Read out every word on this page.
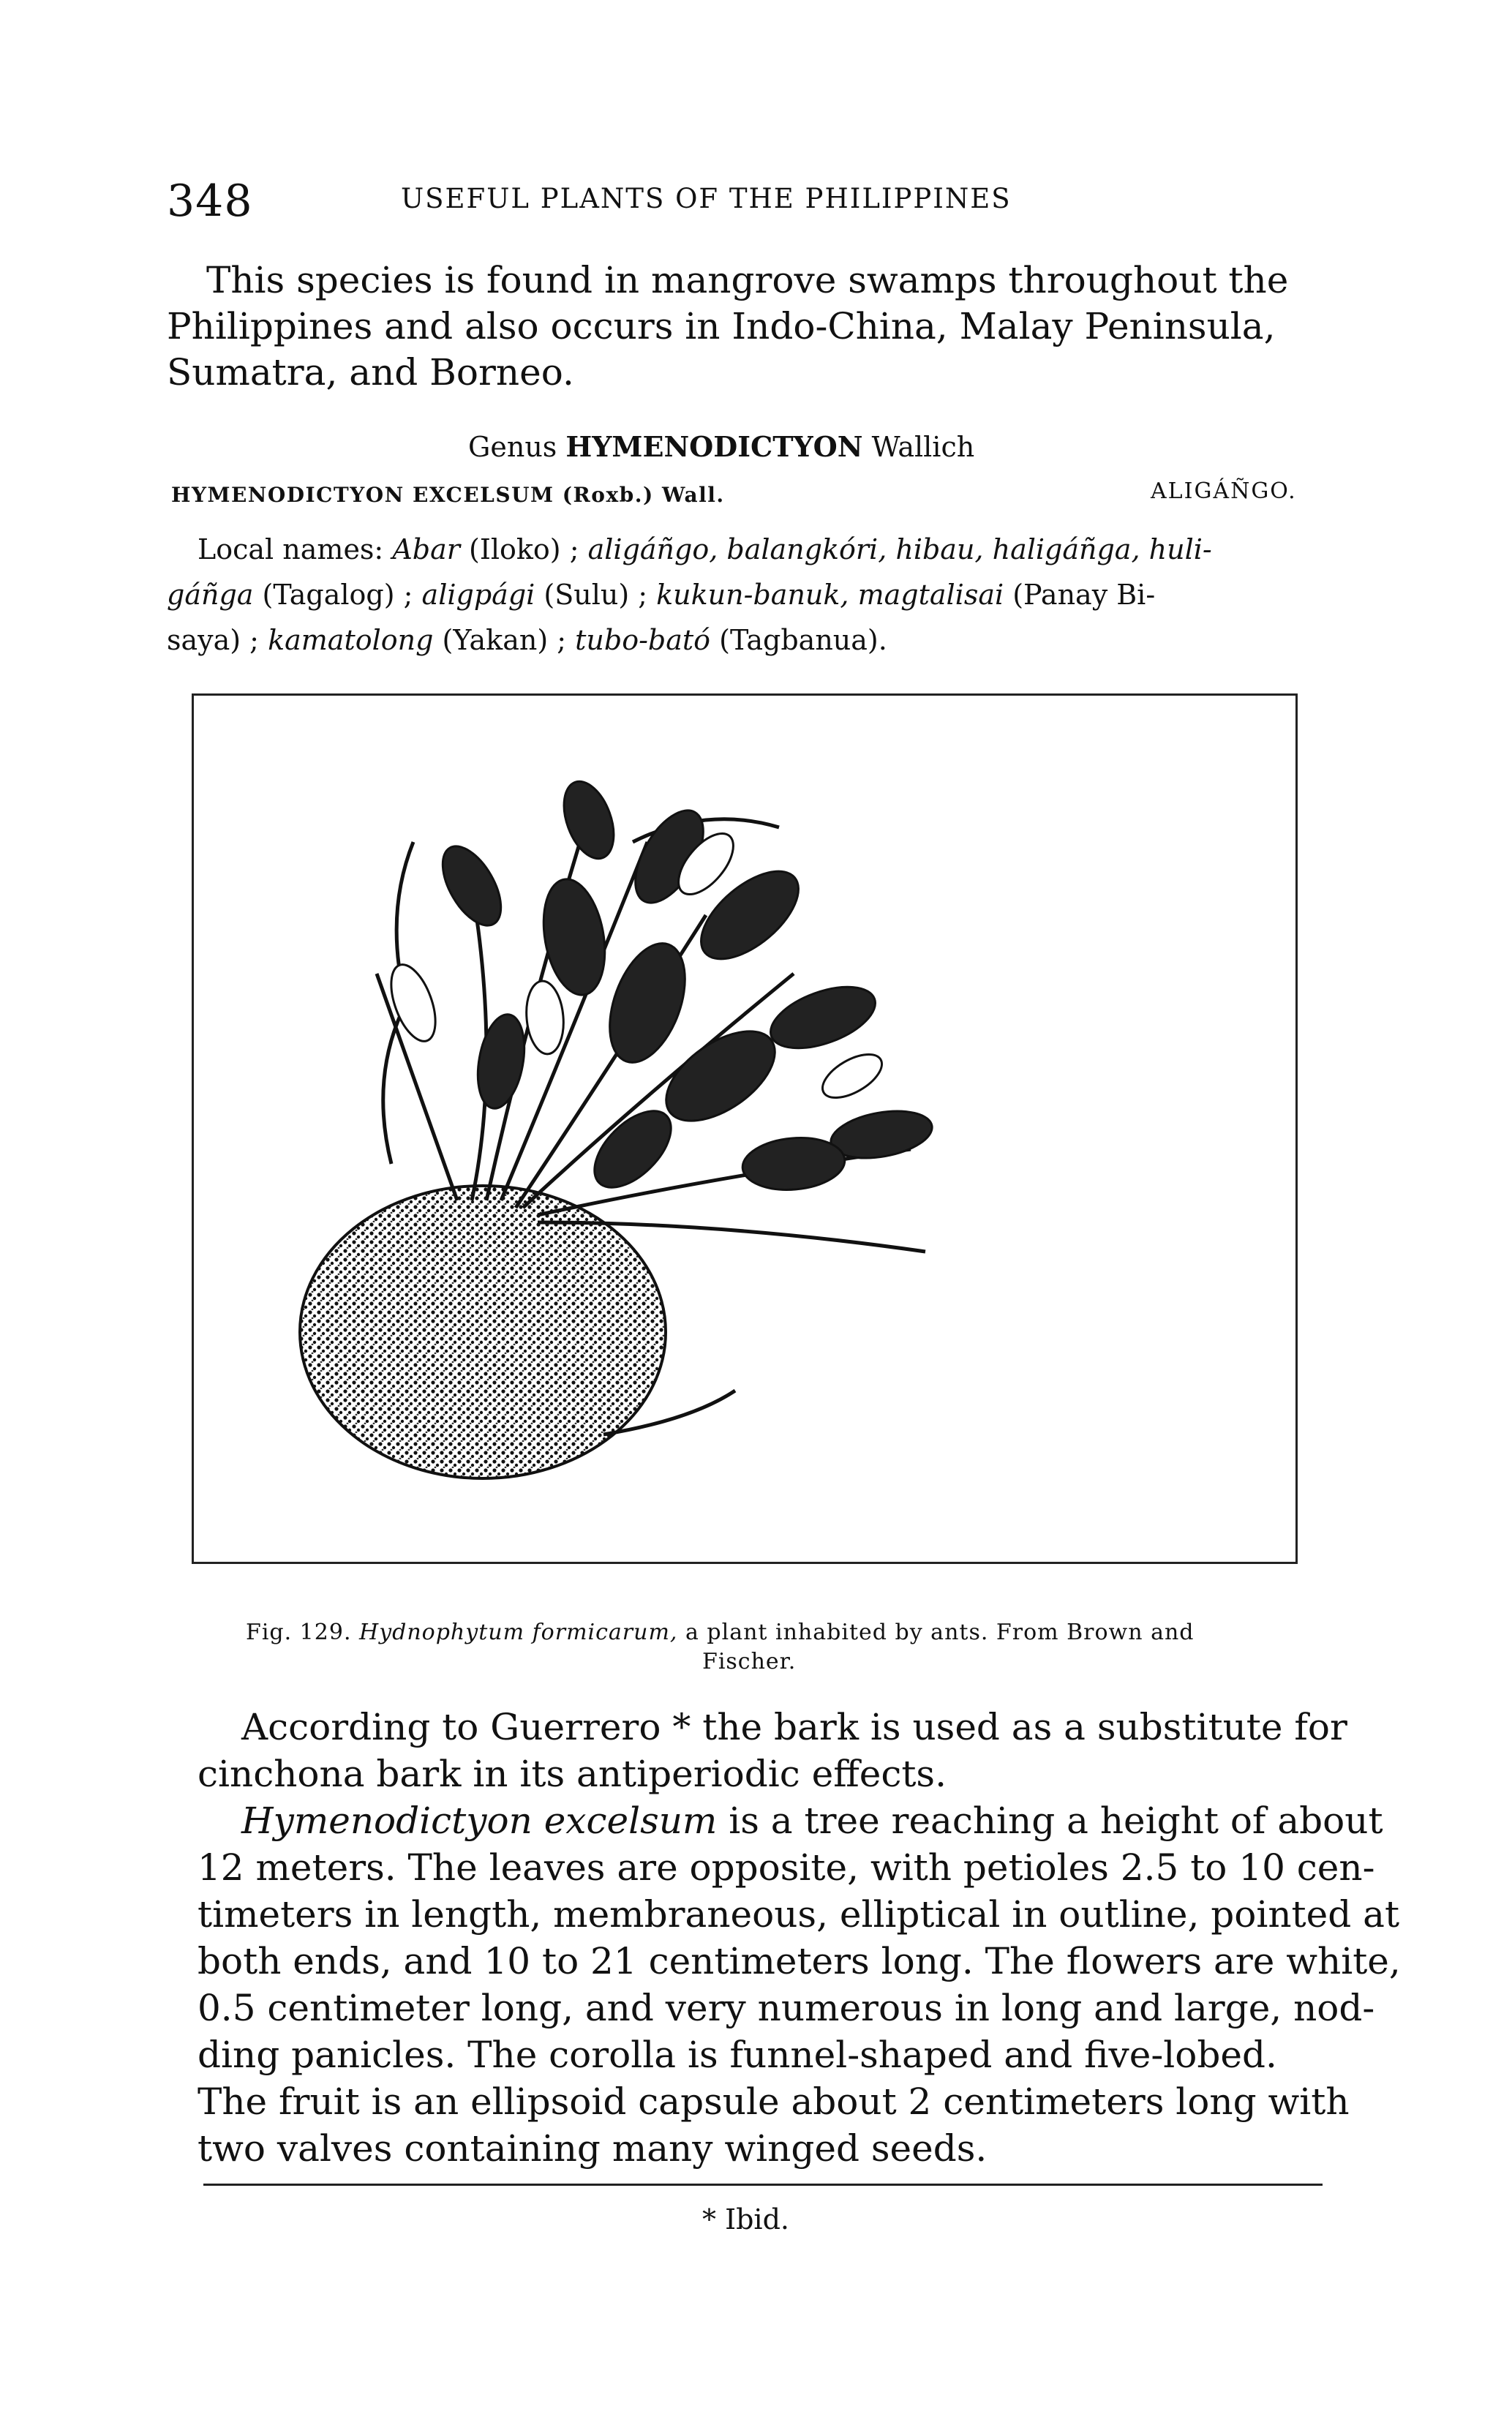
348	USEFUL PLANTS OF THE PHILIPPINES
This species is found in mangrove swamps throughout the
Philippines and also occurs in Indo-China, Malay Peninsula,
Sumatra, and Borneo.
Genus HYMENODICTYON Wallich
HYMENODICTYON EXCELSUM (Roxb.) Wall.	ALIGÁÑGO.
Local names: Abar (Iloko) ; aligáñgo, balangkóri, hibau, haligáñga, huli-
gáñga (Tagalog) ; aligpági (Sulu) ; kukun-banuk, magtalisai (Panay Bi-
saya) ; kamatolong (Yakan) ; tubo-bató (Tagbanua).
Fig. 129. Hydnophytum formicarum, a plant inhabited by ants. From Brown and
Fischer.
According to Guerrero * the bark is used as a substitute for
cinchona bark in its antiperiodic effects.
Hymenodictyon excelsum is a tree reaching a height of about
12 meters. The leaves are opposite, with petioles 2.5 to 10 cen-
timeters in length, membraneous, elliptical in outline, pointed at
both ends, and 10 to 21 centimeters long. The flowers are white,
0.5 centimeter long, and very numerous in long and large, nod-
ding panicles. The corolla is funnel-shaped and five-lobed.
The fruit is an ellipsoid capsule about 2 centimeters long with
two valves containing many winged seeds.
* Ibid.
